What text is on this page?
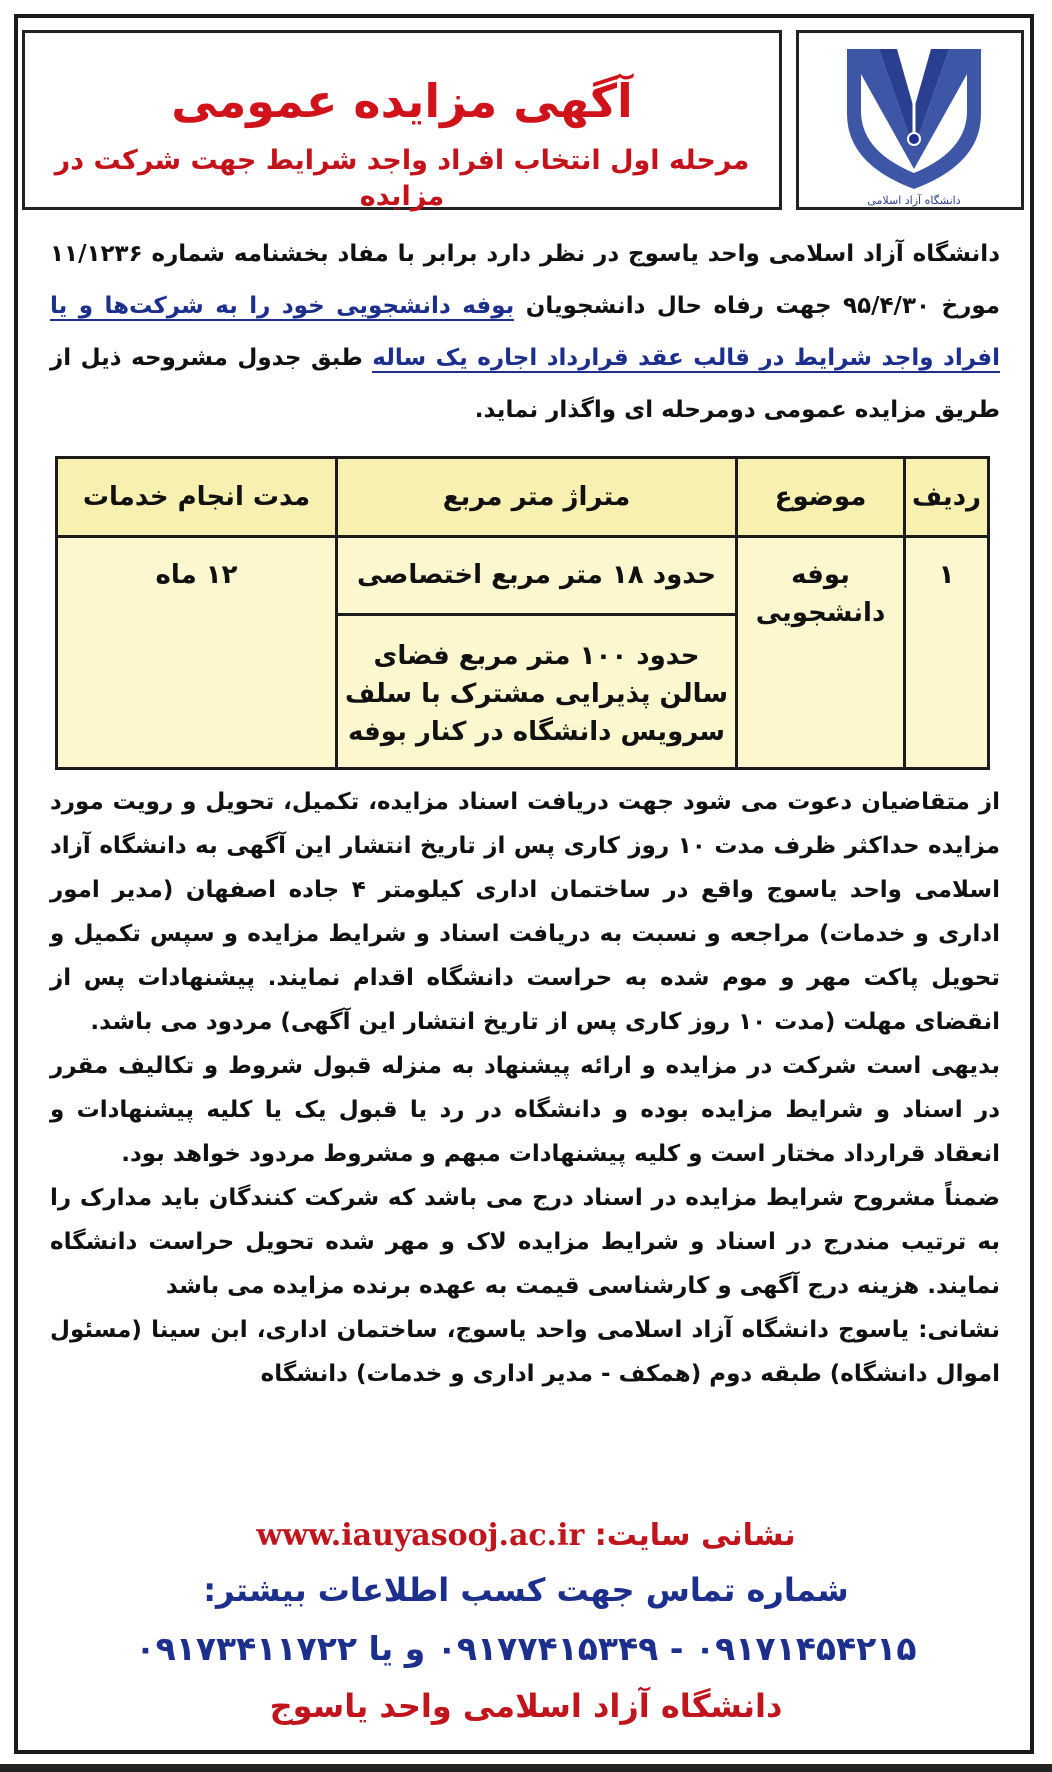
آگهی مزایده عمومی
مرحله اول انتخاب افراد واجد شرایط جهت شرکت در مزایده	دانشگاه آزاد اسلامی
دانشگاه آزاد اسلامی واحد یاسوج در نظر دارد برابر با مفاد بخشنامه شماره ۱۱/۱۲۳۶ مورخ ۹۵/۴/۳۰ جهت رفاه حال دانشجویان بوفه دانشجویی خود را به شرکت‌ها و یا افراد واجد شرایط در قالب عقد قرارداد اجاره یک ساله طبق جدول مشروحه ذیل از طریق مزایده عمومی دومرحله ای واگذار نماید.
ردیف	موضوع	متراژ متر مربع	مدت انجام خدمات
۱	بوفه دانشجویی	حدود ۱۸ متر مربع اختصاصی	۱۲ ماه
		حدود ۱۰۰ متر مربع فضای سالن پذیرایی مشترک با سلف سرویس دانشگاه در کنار بوفه	
از متقاضیان دعوت می شود جهت دریافت اسناد مزایده، تکمیل، تحویل و رویت مورد مزایده حداکثر ظرف مدت ۱۰ روز کاری پس از تاریخ انتشار این آگهی به دانشگاه آزاد اسلامی واحد یاسوج واقع در ساختمان اداری کیلومتر ۴ جاده اصفهان (مدیر امور اداری و خدمات) مراجعه و نسبت به دریافت اسناد و شرایط مزایده و سپس تکمیل و تحویل پاکت مهر و موم شده به حراست دانشگاه اقدام نمایند. پیشنهادات پس از انقضای مهلت (مدت ۱۰ روز کاری پس از تاریخ انتشار این آگهی) مردود می باشد.
بدیهی است شرکت در مزایده و ارائه پیشنهاد به منزله قبول شروط و تکالیف مقرر در اسناد و شرایط مزایده بوده و دانشگاه در رد یا قبول یک یا کلیه پیشنهادات و انعقاد قرارداد مختار است و کلیه پیشنهادات مبهم و مشروط مردود خواهد بود.
ضمناً مشروح شرایط مزایده در اسناد درج می باشد که شرکت کنندگان باید مدارک را به ترتیب مندرج در اسناد و شرایط مزایده لاک و مهر شده تحویل حراست دانشگاه نمایند. هزینه درج آگهی و کارشناسی قیمت به عهده برنده مزایده می باشد
نشانی: یاسوج دانشگاه آزاد اسلامی واحد یاسوج، ساختمان اداری، ابن سینا (مسئول اموال دانشگاه) طبقه دوم (همکف - مدیر اداری و خدمات) دانشگاه
نشانی سایت: www.iauyasooj.ac.ir
شماره تماس جهت کسب اطلاعات بیشتر:
۰۹۱۷۱۴۵۴۲۱۵ - ۰۹۱۷۷۴۱۵۳۴۹ و یا ۰۹۱۷۳۴۱۱۷۲۲
دانشگاه آزاد اسلامی واحد یاسوج
